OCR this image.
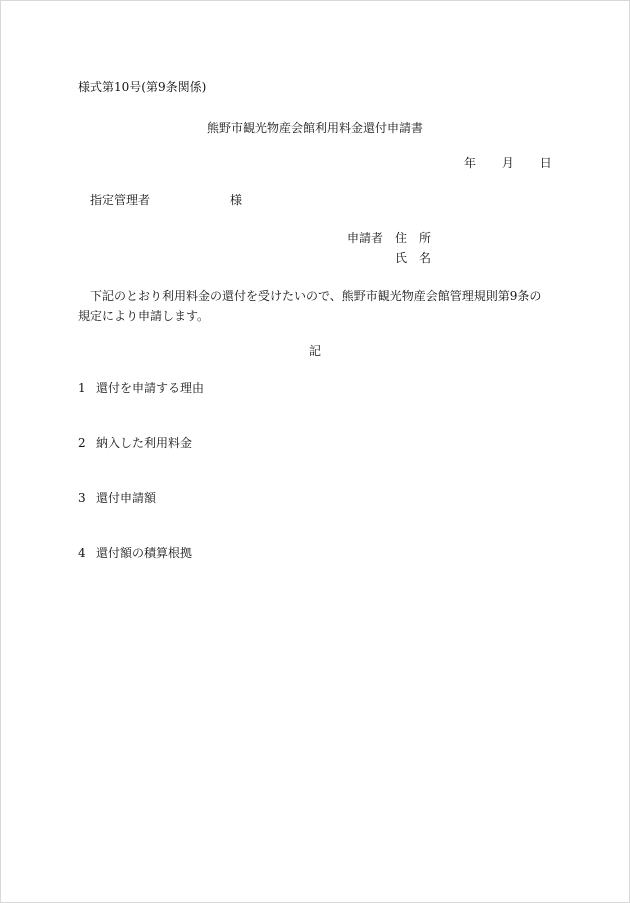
様式第10号(第9条関係)
熊野市観光物産会館利用料金還付申請書
年 月 日
指定管理者	様
申請者 住　所
氏　名
下記のとおり利用料金の還付を受けたいので、熊野市観光物産会館管理規則第9条の規定により申請します。
記
1 還付を申請する理由
2 納入した利用料金
3 還付申請額
4 還付額の積算根拠
